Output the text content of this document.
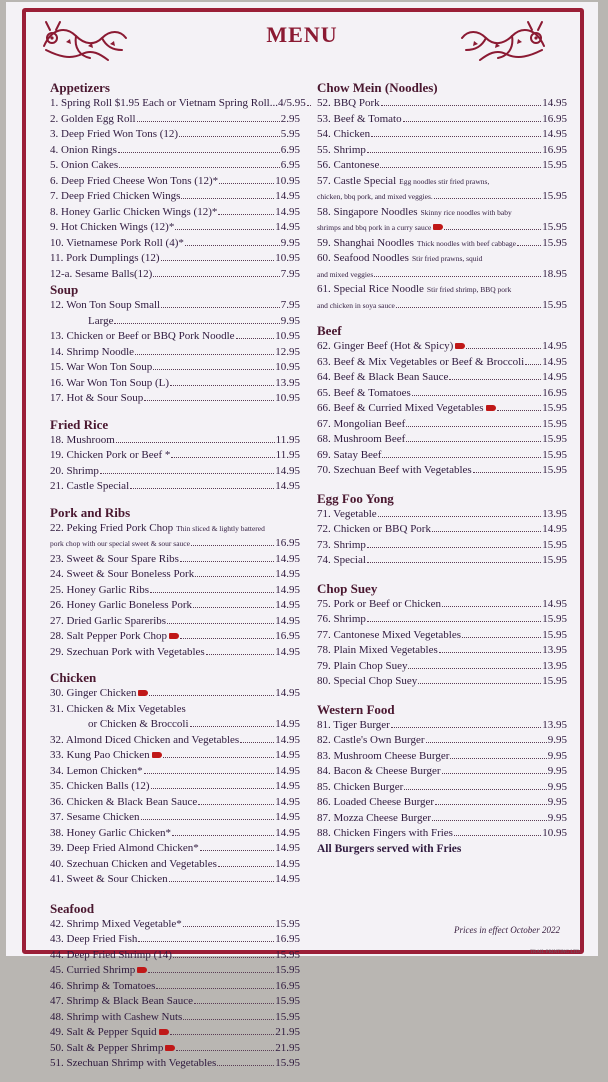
MENU
Appetizers
1. Spring Roll $1.95 Each or Vietnam Spring Roll...4/5.95
2. Golden Egg Roll	2.95
3. Deep Fried Won Tons (12)	5.95
4. Onion Rings	6.95
5. Onion Cakes	6.95
6. Deep Fried Cheese Won Tons (12)*	10.95
7. Deep Fried Chicken Wings	14.95
8. Honey Garlic Chicken Wings (12)*	14.95
9. Hot Chicken Wings (12)*	14.95
10. Vietnamese Pork Roll (4)*	9.95
11. Pork Dumplings (12)	10.95
12-a. Sesame Balls(12)	7.95
Soup
12. Won Ton Soup Small	7.95
Large	9.95
13. Chicken or Beef or BBQ Pork Noodle	10.95
14. Shrimp Noodle	12.95
15. War Won Ton Soup	10.95
16. War Won Ton Soup (L)	13.95
17. Hot & Sour Soup	10.95
Fried Rice
18. Mushroom	11.95
19. Chicken Pork or Beef *	11.95
20. Shrimp	14.95
21. Castle Special	14.95
Pork and Ribs
22. Peking Fried Pork Chop Thin sliced & lightly battered
pork chop with our special sweet & sour sauce	16.95
23. Sweet & Sour Spare Ribs	14.95
24. Sweet & Sour Boneless Pork	14.95
25. Honey Garlic Ribs	14.95
26. Honey Garlic Boneless Pork	14.95
27. Dried Garlic Spareribs	14.95
28. Salt Pepper Pork Chop	16.95
29. Szechuan Pork with Vegetables	14.95
Chicken
30. Ginger Chicken	14.95
31. Chicken & Mix Vegetables
or Chicken & Broccoli	14.95
32. Almond Diced Chicken and Vegetables	14.95
33. Kung Pao Chicken	14.95
34. Lemon Chicken*	14.95
35. Chicken Balls (12)	14.95
36. Chicken & Black Bean Sauce	14.95
37. Sesame Chicken	14.95
38. Honey Garlic Chicken*	14.95
39. Deep Fried Almond Chicken*	14.95
40. Szechuan Chicken and Vegetables	14.95
41. Sweet & Sour Chicken	14.95
Seafood
42. Shrimp Mixed Vegetable*	15.95
43. Deep Fried Fish	16.95
44. Deep Fried Shrimp (14)	15.95
45. Curried Shrimp	15.95
46. Shrimp & Tomatoes	16.95
47. Shrimp & Black Bean Sauce	15.95
48. Shrimp with Cashew Nuts	15.95
49. Salt & Pepper Squid	21.95
50. Salt & Pepper Shrimp	21.95
51. Szechuan Shrimp with Vegetables	15.95
Chow Mein (Noodles)
52. BBQ Pork	14.95
53. Beef & Tomato	16.95
54. Chicken	14.95
55. Shrimp	16.95
56. Cantonese	15.95
57. Castle Special Egg noodles stir fried prawns,
chicken, bbq pork, and mixed veggies.	15.95
58. Singapore Noodles Skinny rice noodles with baby
shrimps and bbq pork in a curry sauce	15.95
59. Shanghai Noodles Thick noodles with beef cabbage 15.95
60. Seafood Noodles Stir fried prawns, squid
and mixed veggies	18.95
61. Special Rice Noodle Stir fried shrimp, BBQ pork
and chicken in soya sauce	15.95
Beef
62. Ginger Beef (Hot & Spicy)	14.95
63. Beef & Mix Vegetables or Beef & Broccoli 14.95
64. Beef & Black Bean Sauce	14.95
65. Beef & Tomatoes	16.95
66. Beef & Curried Mixed Vegetables	15.95
67. Mongolian Beef	15.95
68. Mushroom Beef	15.95
69. Satay Beef	15.95
70. Szechuan Beef with Vegetables	15.95
Egg Foo Yong
71. Vegetable	13.95
72. Chicken or BBQ Pork	14.95
73. Shrimp	15.95
74. Special	15.95
Chop Suey
75. Pork or Beef or Chicken	14.95
76. Shrimp	15.95
77. Cantonese Mixed Vegetables	15.95
78. Plain Mixed Vegetables	13.95
79. Plain Chop Suey	13.95
80. Special Chop Suey	15.95
Western Food
81. Tiger Burger	13.95
82. Castle's Own Burger	9.95
83. Mushroom Cheese Burger	9.95
84. Bacon & Cheese Burger	9.95
85. Chicken Burger	9.95
86. Loaded Cheese Burger	9.95
87. Mozza Cheese Burger	9.95
88. Chicken Fingers with Fries	10.95
All Burgers served with Fries
Prices in effect October 2022
TRAIL PRINTING LTD.
